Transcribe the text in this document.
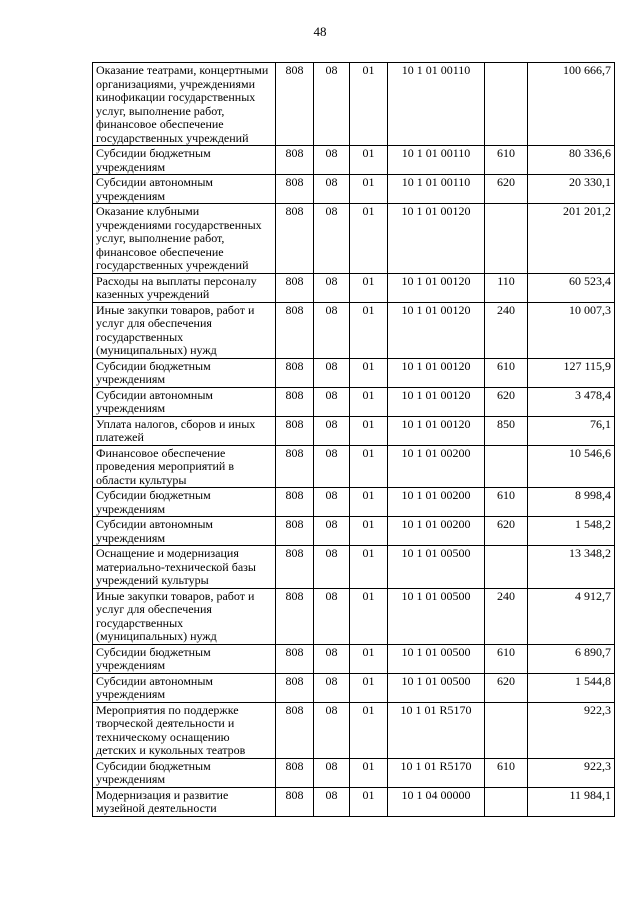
48
Оказание театрами, концертными организациями, учреждениями кинофикации государственных услуг, выполнение работ, финансовое обеспечение государственных учреждений	808	08	01	10 1 01 00110		100 666,7
Субсидии бюджетным учреждениям	808	08	01	10 1 01 00110	610	80 336,6
Субсидии автономным учреждениям	808	08	01	10 1 01 00110	620	20 330,1
Оказание клубными учреждениями государственных услуг, выполнение работ, финансовое обеспечение государственных учреждений	808	08	01	10 1 01 00120		201 201,2
Расходы на выплаты персоналу казенных учреждений	808	08	01	10 1 01 00120	110	60 523,4
Иные закупки товаров, работ и услуг для обеспечения государственных (муниципальных) нужд	808	08	01	10 1 01 00120	240	10 007,3
Субсидии бюджетным учреждениям	808	08	01	10 1 01 00120	610	127 115,9
Субсидии автономным учреждениям	808	08	01	10 1 01 00120	620	3 478,4
Уплата налогов, сборов и иных платежей	808	08	01	10 1 01 00120	850	76,1
Финансовое обеспечение проведения мероприятий в области культуры	808	08	01	10 1 01 00200		10 546,6
Субсидии бюджетным учреждениям	808	08	01	10 1 01 00200	610	8 998,4
Субсидии автономным учреждениям	808	08	01	10 1 01 00200	620	1 548,2
Оснащение и модернизация материально-технической базы учреждений культуры	808	08	01	10 1 01 00500		13 348,2
Иные закупки товаров, работ и услуг для обеспечения государственных (муниципальных) нужд	808	08	01	10 1 01 00500	240	4 912,7
Субсидии бюджетным учреждениям	808	08	01	10 1 01 00500	610	6 890,7
Субсидии автономным учреждениям	808	08	01	10 1 01 00500	620	1 544,8
Мероприятия по поддержке творческой деятельности и техническому оснащению детских и кукольных театров	808	08	01	10 1 01 R5170		922,3
Субсидии бюджетным учреждениям	808	08	01	10 1 01 R5170	610	922,3
Модернизация и развитие музейной деятельности	808	08	01	10 1 04 00000		11 984,1
